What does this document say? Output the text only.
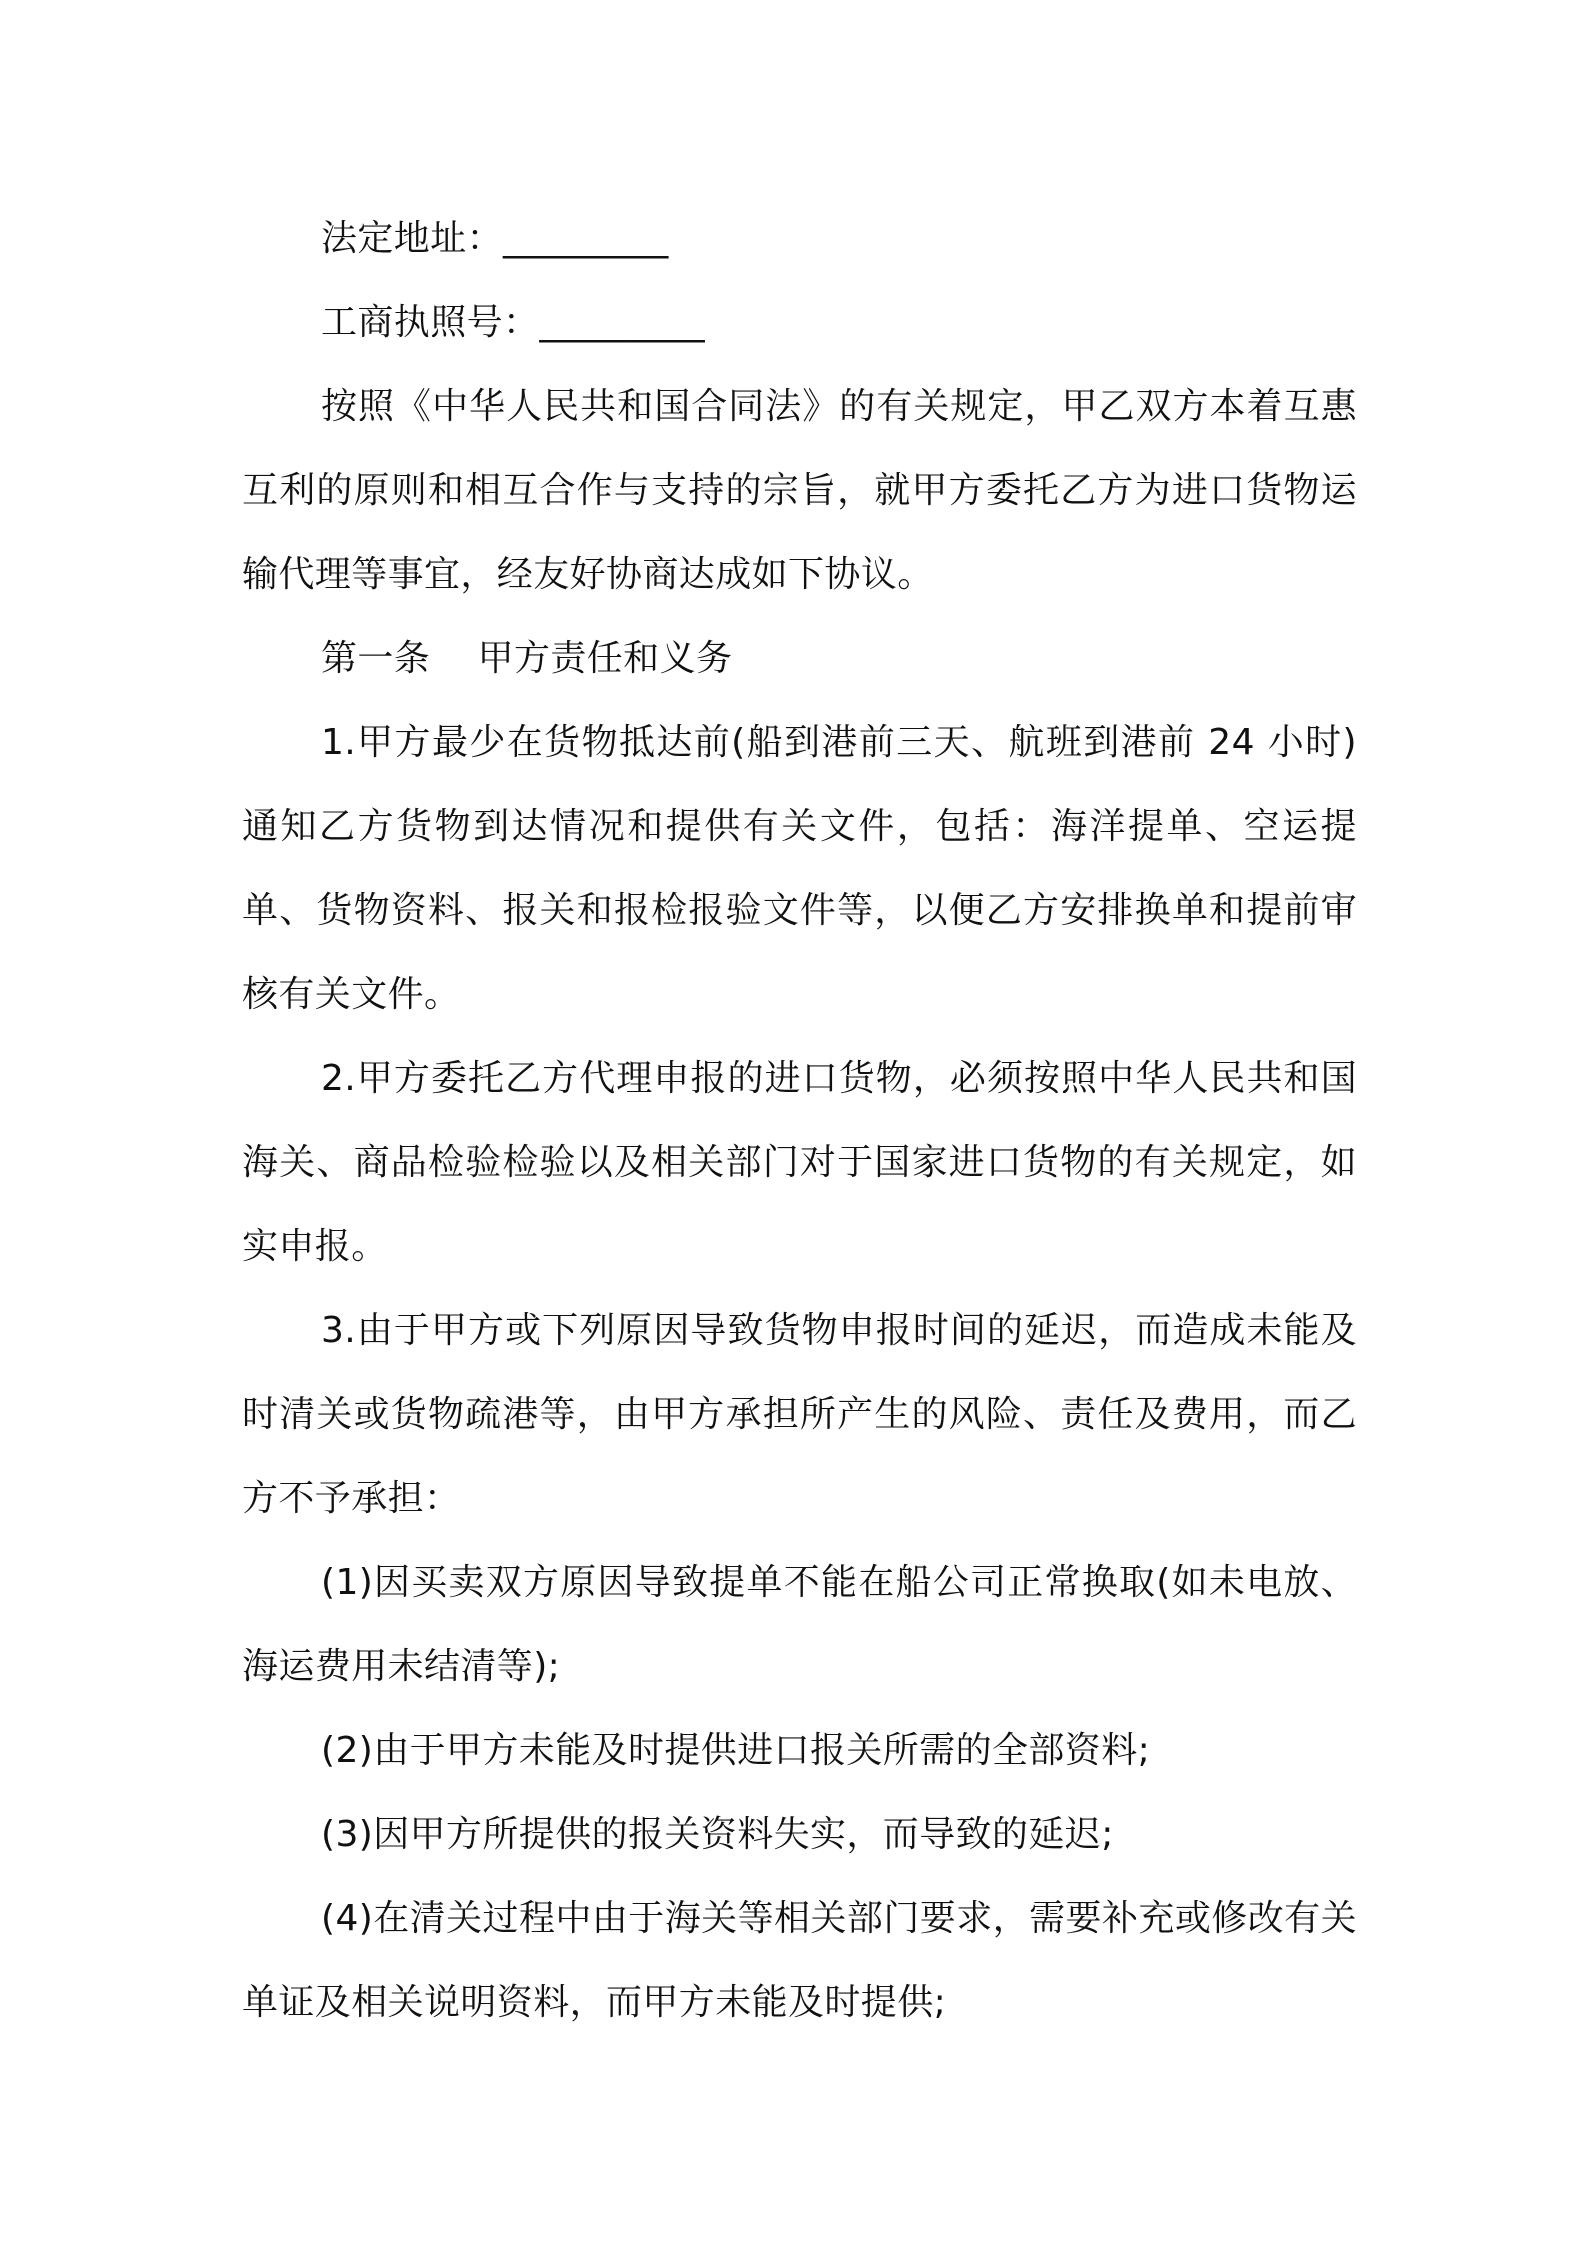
法定地址：_________

工商执照号：_________

按照《中华人民共和国合同法》的有关规定，甲乙双方本着互惠互利的原则和相互合作与支持的宗旨，就甲方委托乙方为进口货物运输代理等事宜，经友好协商达成如下协议。

第一条    甲方责任和义务

1.甲方最少在货物抵达前(船到港前三天、航班到港前 24 小时)通知乙方货物到达情况和提供有关文件，包括：海洋提单、空运提单、货物资料、报关和报检报验文件等，以便乙方安排换单和提前审核有关文件。

2.甲方委托乙方代理申报的进口货物，必须按照中华人民共和国海关、商品检验检验以及相关部门对于国家进口货物的有关规定，如实申报。

3.由于甲方或下列原因导致货物申报时间的延迟，而造成未能及时清关或货物疏港等，由甲方承担所产生的风险、责任及费用，而乙方不予承担：

(1)因买卖双方原因导致提单不能在船公司正常换取(如未电放、海运费用未结清等);

(2)由于甲方未能及时提供进口报关所需的全部资料;

(3)因甲方所提供的报关资料失实，而导致的延迟;

(4)在清关过程中由于海关等相关部门要求，需要补充或修改有关单证及相关说明资料，而甲方未能及时提供;
